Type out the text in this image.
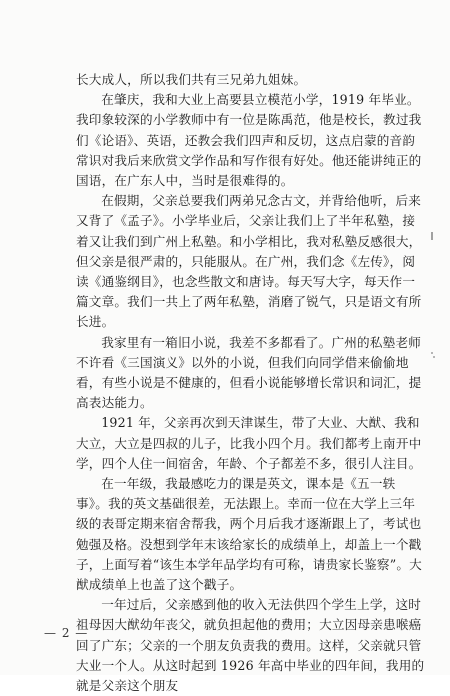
长大成人，所以我们共有三兄弟九姐妹。

在肇庆，我和大业上高要县立模范小学，1919 年毕业。我印象较深的小学教师中有一位是陈禹范，他是校长，教过我们《论语》、英语，还教会我们四声和反切，这点启蒙的音韵常识对我后来欣赏文学作品和写作很有好处。他还能讲纯正的国语，在广东人中，当时是很难得的。

在假期，父亲总要我们两弟兄念古文，并背给他听，后来又背了《孟子》。小学毕业后，父亲让我们上了半年私塾，接着又让我们到广州上私塾。和小学相比，我对私塾反感很大，但父亲是很严肃的，只能服从。在广州，我们念《左传》，阅读《通鉴纲目》，也念些散文和唐诗。每天写大字，每天作一篇文章。我们一共上了两年私塾，消磨了锐气，只是语文有所长进。

我家里有一箱旧小说，我差不多都看了。广州的私塾老师不许看《三国演义》以外的小说，但我们向同学借来偷偷地看，有些小说是不健康的，但看小说能够增长常识和词汇，提高表达能力。

1921 年，父亲再次到天津谋生，带了大业、大猷、我和大立，大立是四叔的儿子，比我小四个月。我们都考上南开中学，四个人住一间宿舍，年龄、个子都差不多，很引人注目。

在一年级，我最感吃力的课是英文，课本是《五一轶事》。我的英文基础很差，无法跟上。幸而一位在大学上三年级的表哥定期来宿舍帮我，两个月后我才逐渐跟上了，考试也勉强及格。没想到学年末该给家长的成绩单上，却盖上一个戳子，上面写着“该生本学年品学均有可称，请贵家长鉴察”。大猷成绩单上也盖了这个戳子。

一年过后，父亲感到他的收入无法供四个学生上学，这时祖母因大猷幼年丧父，就负担起他的费用；大立因母亲患喉癌回了广东；父亲的一个朋友负责我的费用。这样，父亲就只管大业一个人。从这时起到 1926 年高中毕业的四年间，我用的就是父亲这个朋友

— 2 —
